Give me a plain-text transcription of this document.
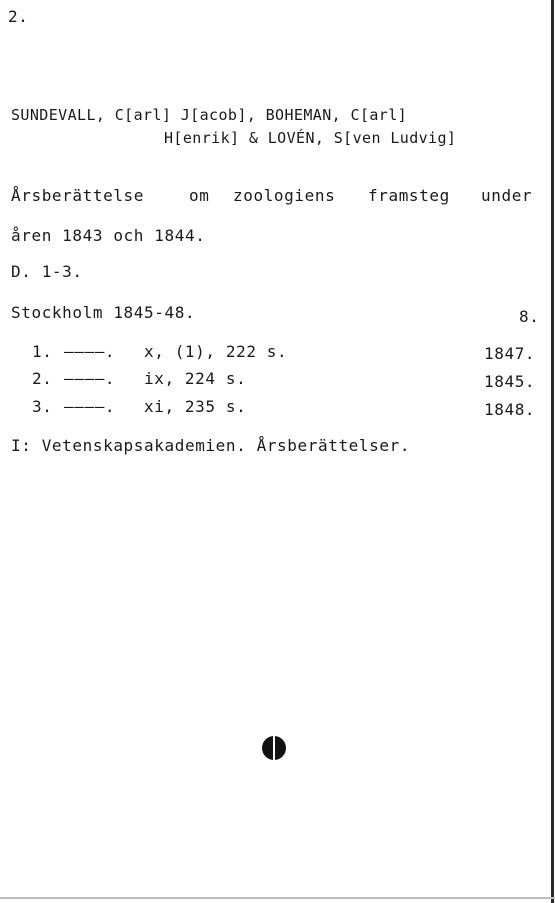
2.
SUNDEVALL, C[arl] J[acob], BOHEMAN, C[arl]
H[enrik] & LOVÉN, S[ven Ludvig]
Årsberättelse	om zoologiens framsteg under
åren 1843 och 1844.
D. 1-3.
Stockholm 1845-48.	8.
1. ————. x, (1), 222 s.	1847.
2. ————. ix, 224 s.	1845.
3. ————. xi, 235 s.	1848.
I: Vetenskapsakademien. Årsberättelser.
